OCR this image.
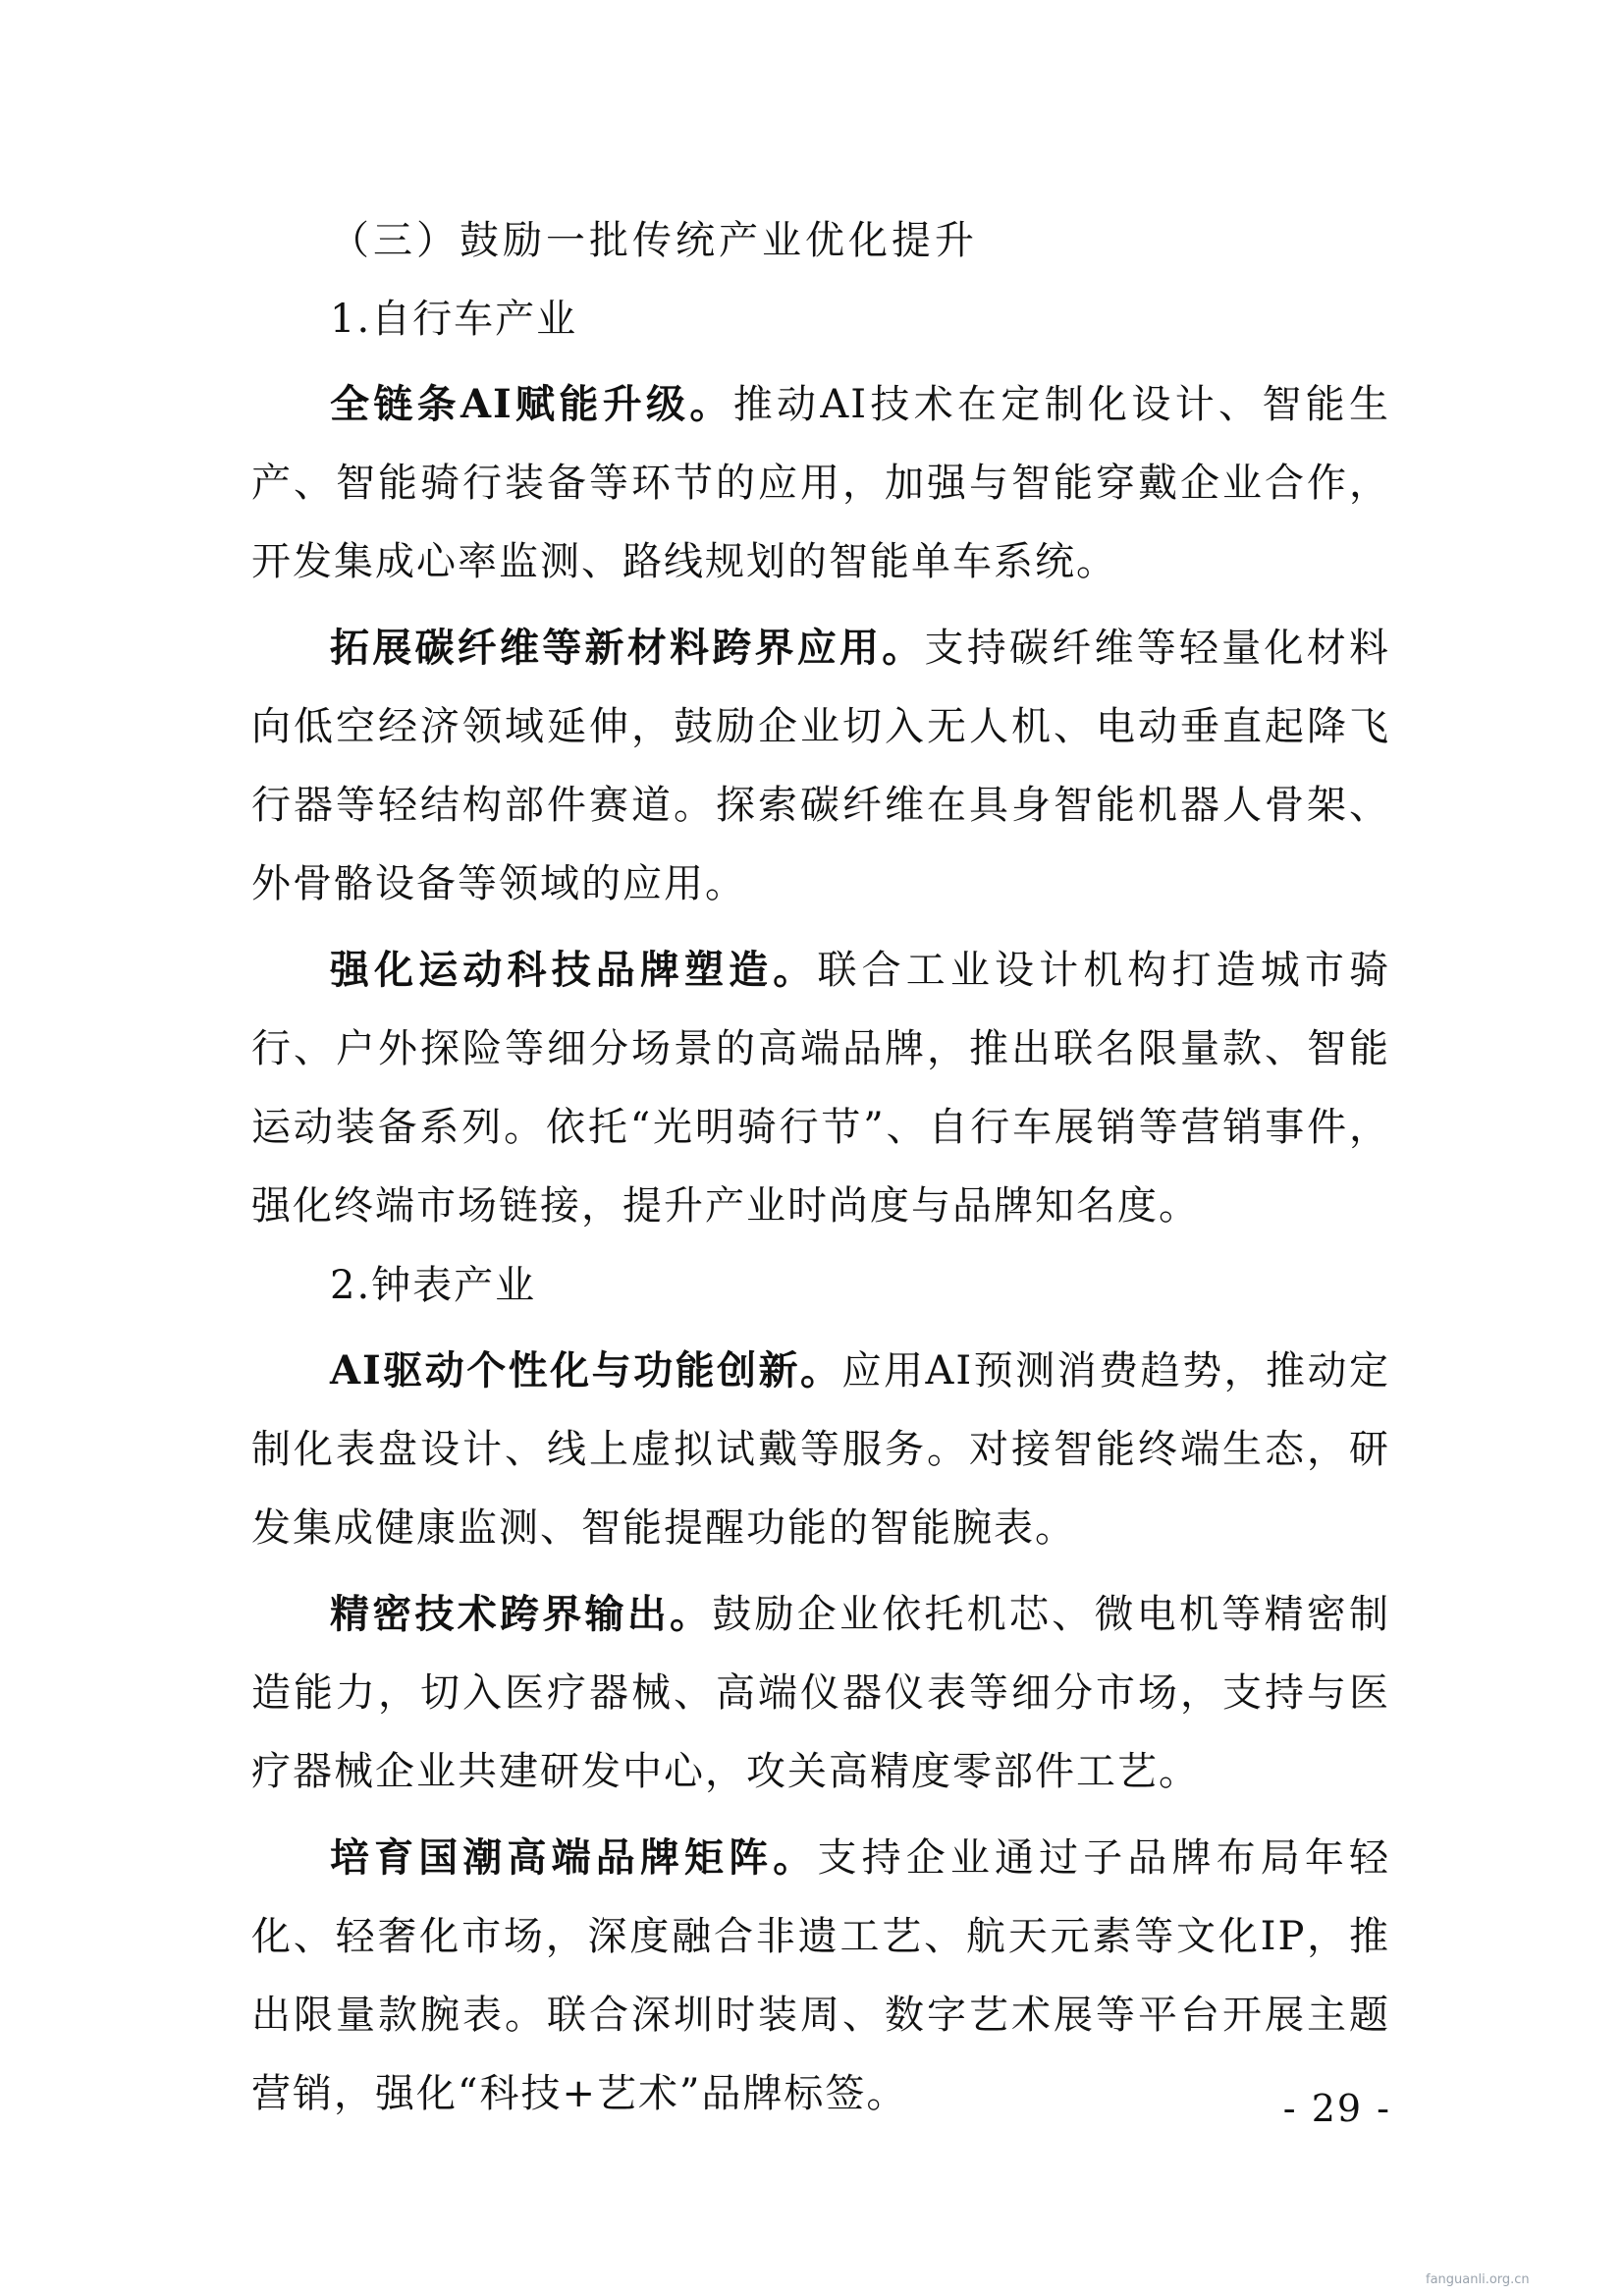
（三）鼓励一批传统产业优化提升
1.自行车产业

全链条AI赋能升级。推动AI技术在定制化设计、智能生产、智能骑行装备等环节的应用，加强与智能穿戴企业合作，开发集成心率监测、路线规划的智能单车系统。

拓展碳纤维等新材料跨界应用。支持碳纤维等轻量化材料向低空经济领域延伸，鼓励企业切入无人机、电动垂直起降飞行器等轻结构部件赛道。探索碳纤维在具身智能机器人骨架、外骨骼设备等领域的应用。

强化运动科技品牌塑造。联合工业设计机构打造城市骑行、户外探险等细分场景的高端品牌，推出联名限量款、智能运动装备系列。依托“光明骑行节”、自行车展销等营销事件，强化终端市场链接，提升产业时尚度与品牌知名度。

2.钟表产业

AI驱动个性化与功能创新。应用AI预测消费趋势，推动定制化表盘设计、线上虚拟试戴等服务。对接智能终端生态，研发集成健康监测、智能提醒功能的智能腕表。

精密技术跨界输出。鼓励企业依托机芯、微电机等精密制造能力，切入医疗器械、高端仪器仪表等细分市场，支持与医疗器械企业共建研发中心，攻关高精度零部件工艺。

培育国潮高端品牌矩阵。支持企业通过子品牌布局年轻化、轻奢化市场，深度融合非遗工艺、航天元素等文化IP，推出限量款腕表。联合深圳时装周、数字艺术展等平台开展主题营销，强化“科技+艺术”品牌标签。	- 29 -
fanguanli.org.cn
